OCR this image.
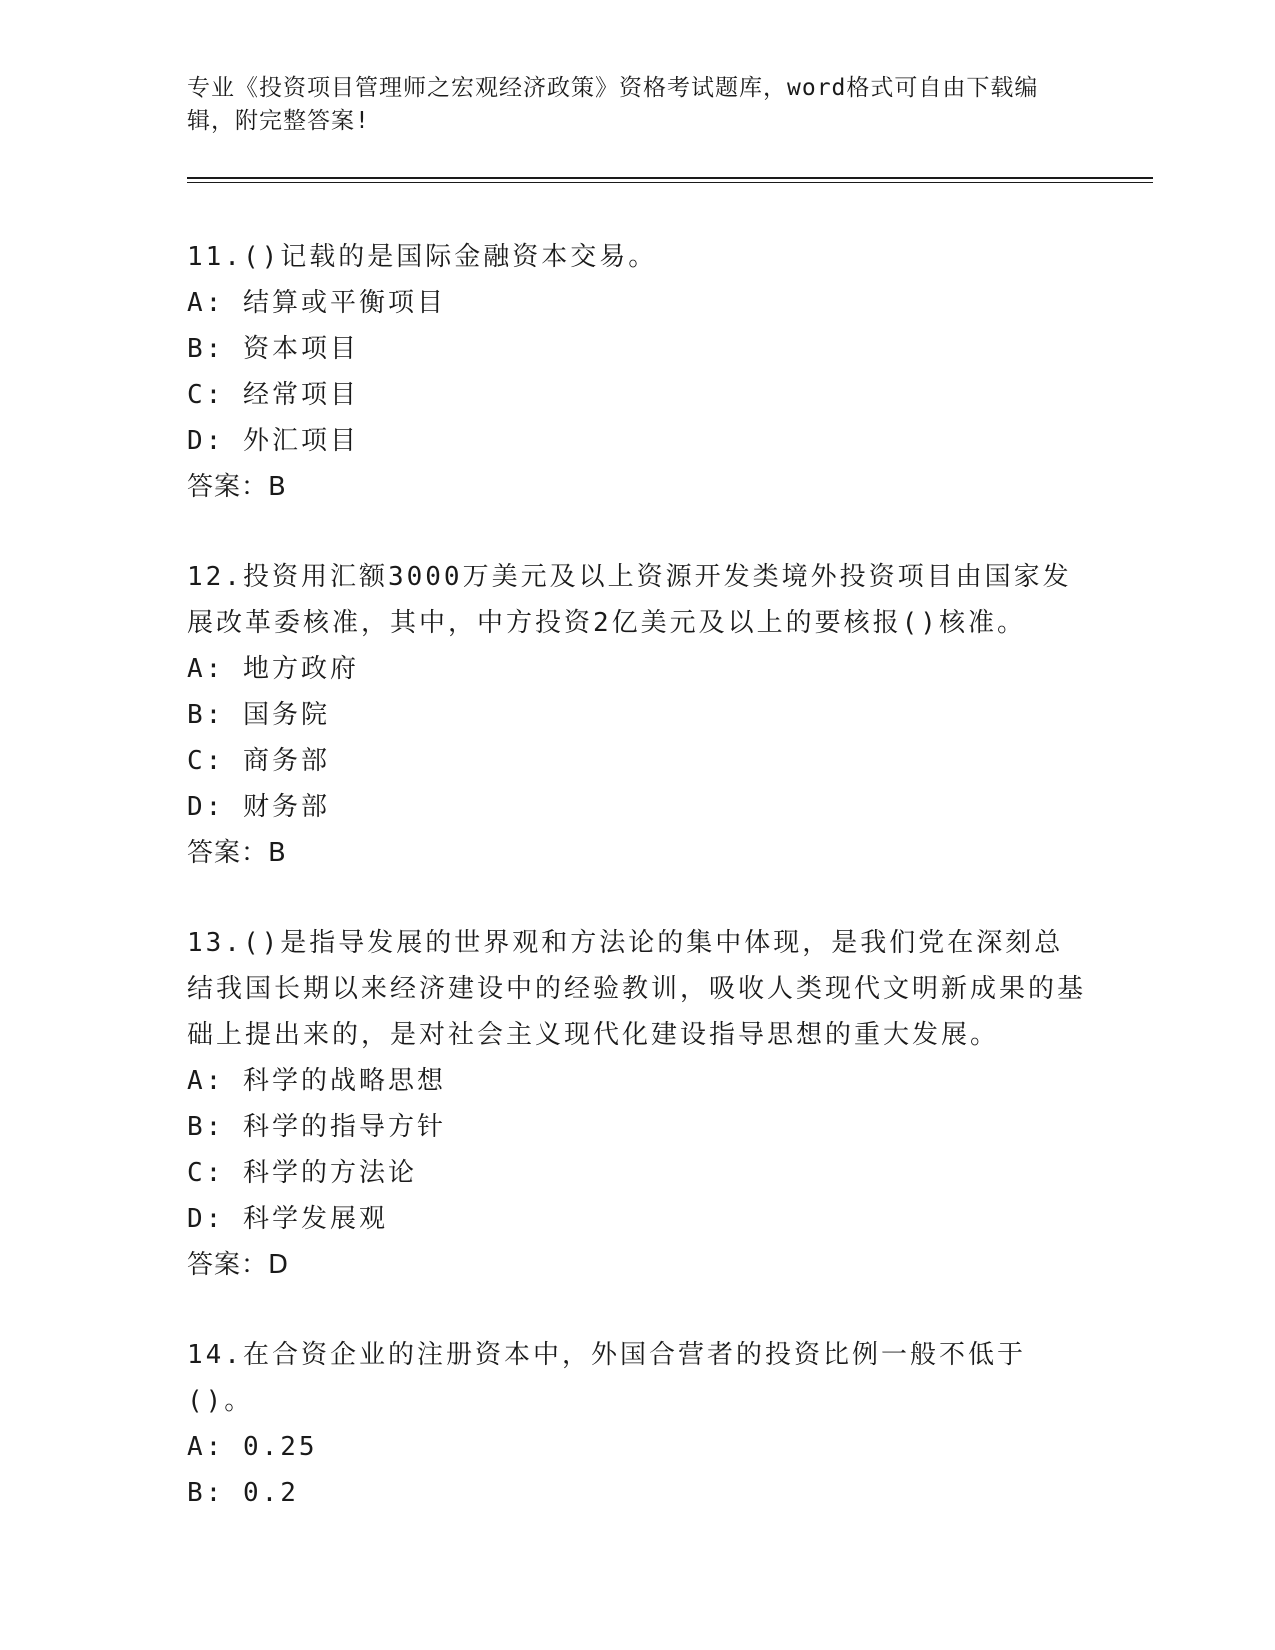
专业《投资项目管理师之宏观经济政策》资格考试题库，word格式可自由下载编辑，附完整答案!
11.()记载的是国际金融资本交易。
A: 结算或平衡项目
B: 资本项目
C: 经常项目
D: 外汇项目
答案：B
12.投资用汇额3000万美元及以上资源开发类境外投资项目由国家发展改革委核准，其中，中方投资2亿美元及以上的要核报()核准。
A: 地方政府
B: 国务院
C: 商务部
D: 财务部
答案：B
13.()是指导发展的世界观和方法论的集中体现，是我们党在深刻总结我国长期以来经济建设中的经验教训，吸收人类现代文明新成果的基础上提出来的，是对社会主义现代化建设指导思想的重大发展。
A: 科学的战略思想
B: 科学的指导方针
C: 科学的方法论
D: 科学发展观
答案：D
14.在合资企业的注册资本中，外国合营者的投资比例一般不低于()。
A: 0.25
B: 0.2
